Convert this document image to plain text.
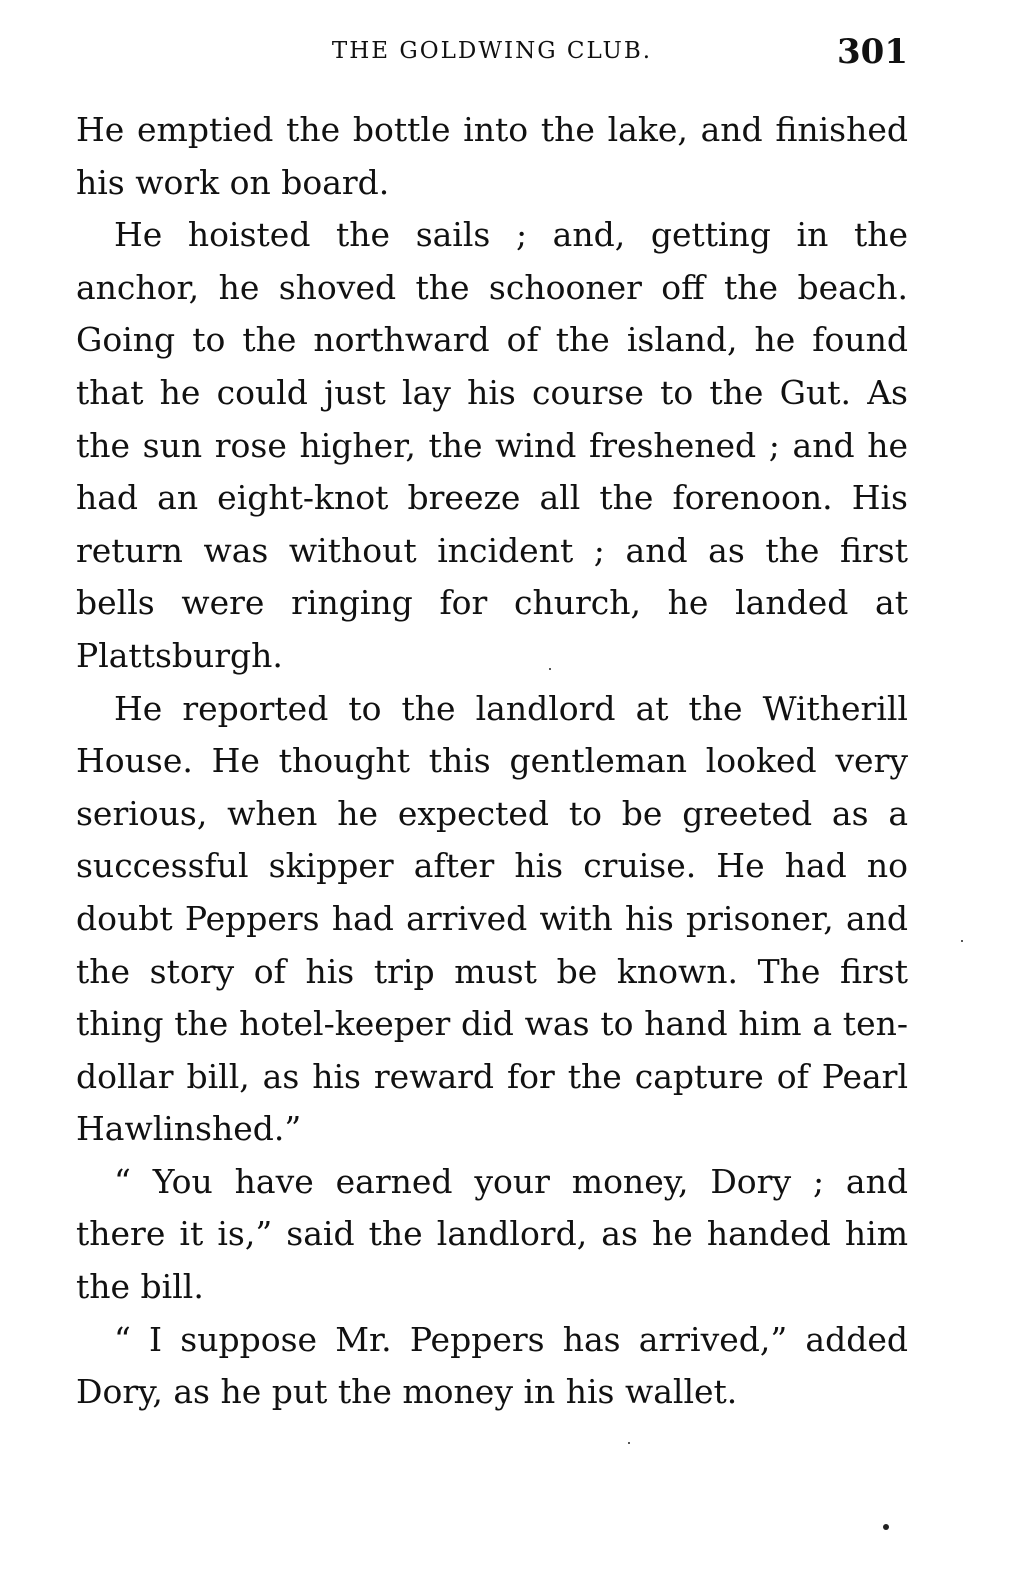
THE GOLDWING CLUB.	301

He emptied the bottle into the lake, and finished his work on board.

He hoisted the sails ; and, getting in the anchor, he shoved the schooner off the beach. Going to the northward of the island, he found that he could just lay his course to the Gut. As the sun rose higher, the wind freshened ; and he had an eight-knot breeze all the forenoon. His return was without incident ; and as the first bells were ringing for church, he landed at Plattsburgh.

He reported to the landlord at the Witherill House. He thought this gentleman looked very serious, when he expected to be greeted as a successful skipper after his cruise. He had no doubt Peppers had arrived with his prisoner, and the story of his trip must be known. The first thing the hotel-keeper did was to hand him a ten-dollar bill, as his reward for the capture of Pearl Hawlinshed.”

“ You have earned your money, Dory ; and there it is,” said the landlord, as he handed him the bill.

“ I suppose Mr. Peppers has arrived,” added Dory, as he put the money in his wallet.
